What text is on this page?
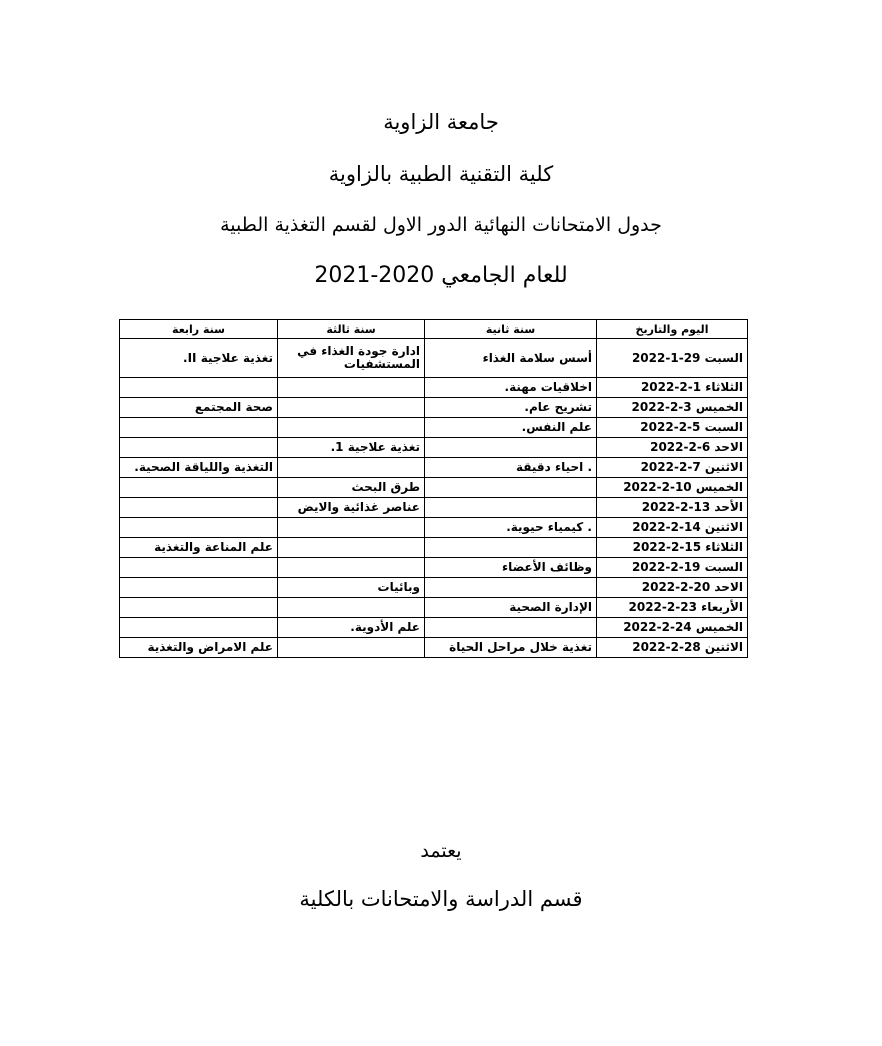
جامعة الزاوية
كلية التقنية الطبية بالزاوية
جدول الامتحانات النهائية الدور الاول لقسم التغذية الطبية
للعام الجامعي 2020-2021
اليوم والتاريخ	سنة ثانية	سنة ثالثة	سنة رابعة
السبت 29-1-2022	أسس سلامة الغذاء	ادارة جودة الغذاء في المستشفيات	تغذية علاجية II.
الثلاثاء 1-2-2022	اخلاقيات مهنة.		
الخميس 3-2-2022	تشريح عام.		صحة المجتمع
السبت 5-2-2022	علم النفس.		
الاحد 6-2-2022		تغذية علاجية 1.	
الاثنين 7-2-2022	. احياء دقيقة		التغذية واللياقة الصحية.
الخميس 10-2-2022		طرق البحث	
الأحد 13-2-2022		عناصر غذائية والايض	
الاثنين 14-2-2022	. كيمياء حيوية.		
الثلاثاء 15-2-2022			علم المناعة والتغذية
السبت 19-2-2022	وظائف الأعضاء		
الاحد 20-2-2022		وبائيات	
الأربعاء 23-2-2022	الإدارة الصحية		
الخميس 24-2-2022		علم الأدوية.	
الاثنين 28-2-2022	تغذية خلال مراحل الحياة		علم الامراض والتغذية
يعتمد
قسم الدراسة والامتحانات بالكلية
